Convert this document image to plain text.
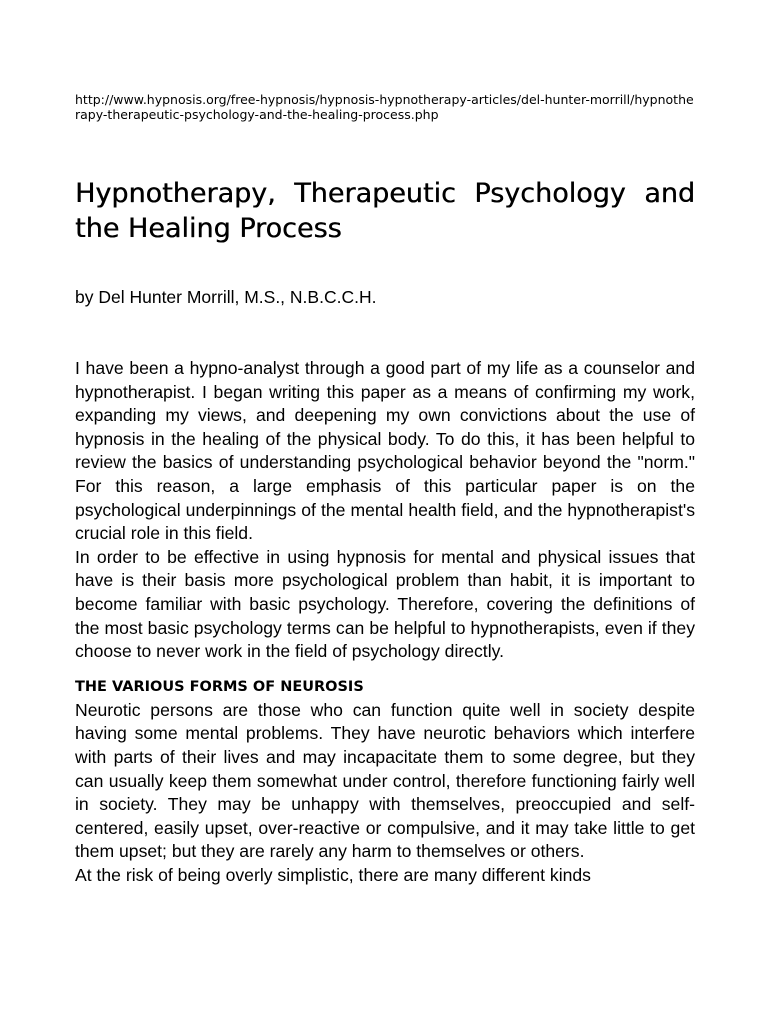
http://www.hypnosis.org/free-hypnosis/hypnosis-hypnotherapy-articles/del-hunter-morrill/hypnotherapy-therapeutic-psychology-and-the-healing-process.php
Hypnotherapy, Therapeutic Psychology and the Healing Process
by Del Hunter Morrill, M.S., N.B.C.C.H.

I have been a hypno-analyst through a good part of my life as a counselor and hypnotherapist. I began writing this paper as a means of confirming my work, expanding my views, and deepening my own convictions about the use of hypnosis in the healing of the physical body. To do this, it has been helpful to review the basics of understanding psychological behavior beyond the "norm." For this reason, a large emphasis of this particular paper is on the psychological underpinnings of the mental health field, and the hypnotherapist's crucial role in this field.

In order to be effective in using hypnosis for mental and physical issues that have is their basis more psychological problem than habit, it is important to become familiar with basic psychology. Therefore, covering the definitions of the most basic psychology terms can be helpful to hypnotherapists, even if they choose to never work in the field of psychology directly.

THE VARIOUS FORMS OF NEUROSIS

Neurotic persons are those who can function quite well in society despite having some mental problems. They have neurotic behaviors which interfere with parts of their lives and may incapacitate them to some degree, but they can usually keep them somewhat under control, therefore functioning fairly well in society. They may be unhappy with themselves, preoccupied and self-centered, easily upset, over-reactive or compulsive, and it may take little to get them upset; but they are rarely any harm to themselves or others.

At the risk of being overly simplistic, there are many different kinds
